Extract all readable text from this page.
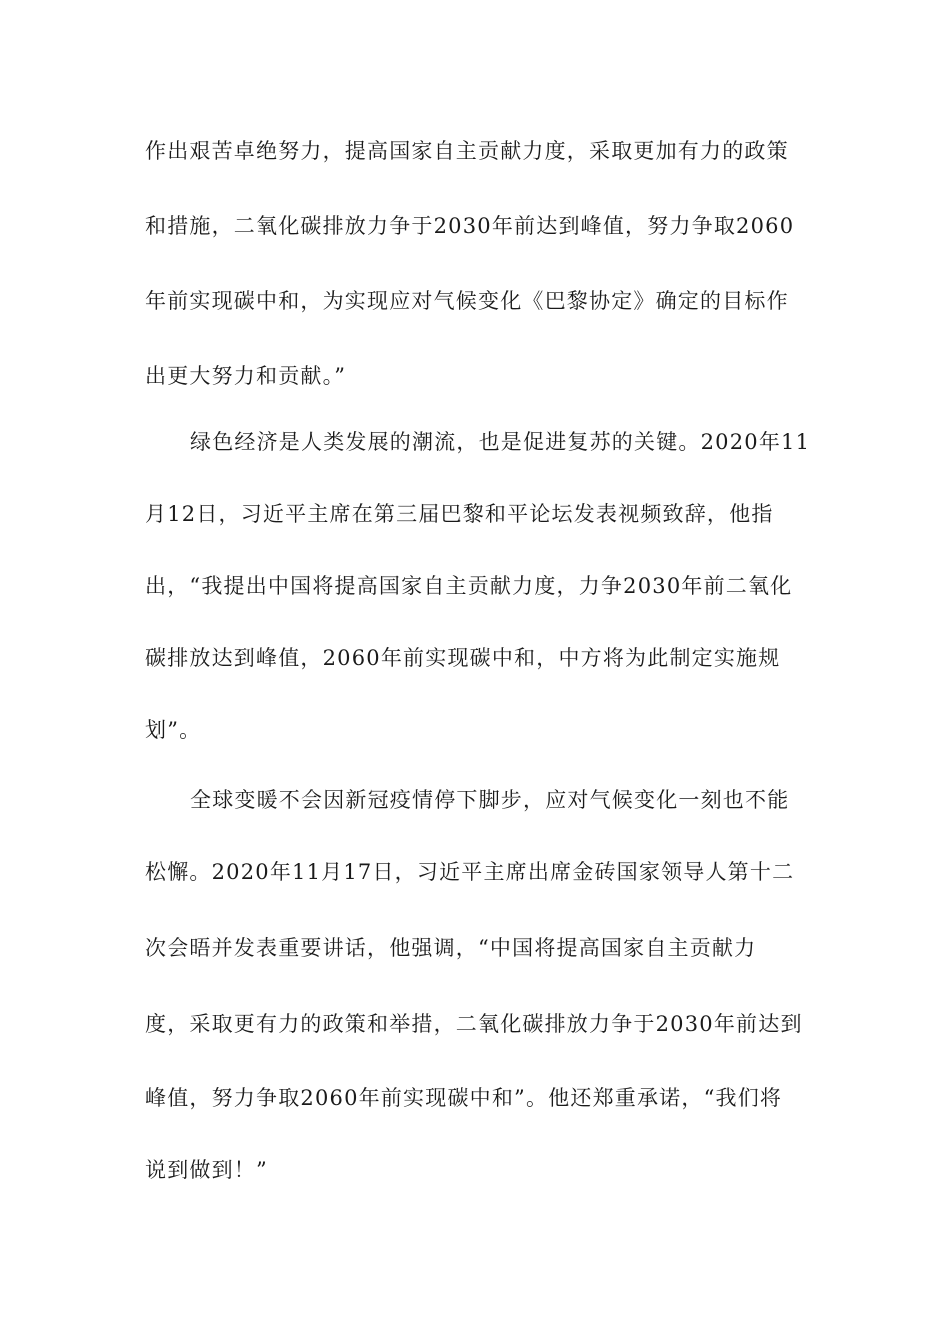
作出艰苦卓绝努力，提高国家自主贡献力度，采取更加有力的政策
和措施，二氧化碳排放力争于2030年前达到峰值，努力争取2060
年前实现碳中和，为实现应对气候变化《巴黎协定》确定的目标作
出更大努力和贡献。”
绿色经济是人类发展的潮流，也是促进复苏的关键。2020年11
月12日，习近平主席在第三届巴黎和平论坛发表视频致辞，他指
出，“我提出中国将提高国家自主贡献力度，力争2030年前二氧化
碳排放达到峰值，2060年前实现碳中和，中方将为此制定实施规
划”。
全球变暖不会因新冠疫情停下脚步，应对气候变化一刻也不能
松懈。2020年11月17日，习近平主席出席金砖国家领导人第十二
次会晤并发表重要讲话，他强调，“中国将提高国家自主贡献力
度，采取更有力的政策和举措，二氧化碳排放力争于2030年前达到
峰值，努力争取2060年前实现碳中和”。他还郑重承诺，“我们将
说到做到！”
